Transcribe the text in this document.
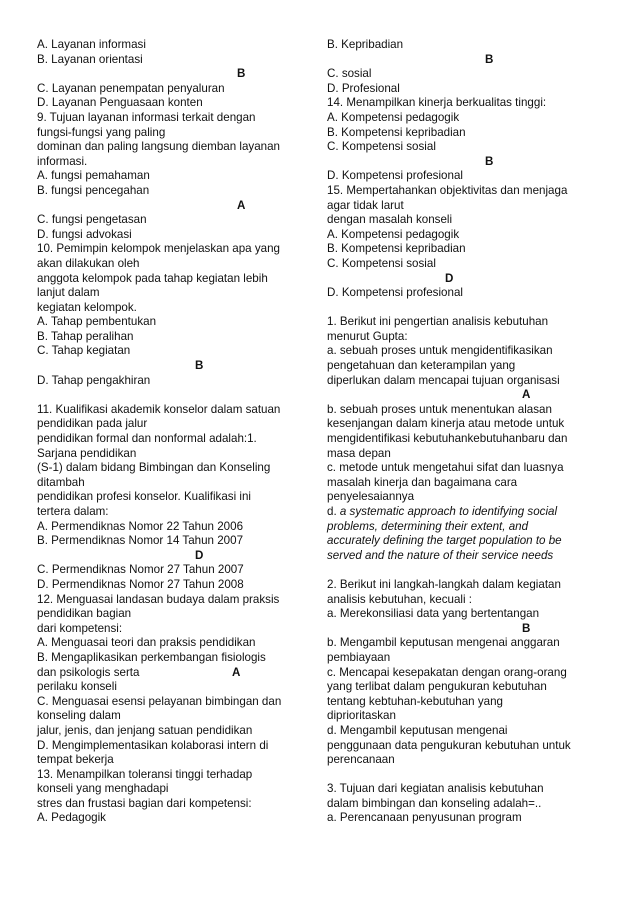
A. Layanan informasi
B. Layanan orientasi
B
C. Layanan penempatan penyaluran
D. Layanan Penguasaan konten
9. Tujuan layanan informasi terkait dengan
fungsi-fungsi yang paling
dominan dan paling langsung diemban layanan
informasi.
A. fungsi pemahaman
B. fungsi pencegahan
A
C. fungsi pengetasan
D. fungsi advokasi
10. Pemimpin kelompok menjelaskan apa yang
akan dilakukan oleh
anggota kelompok pada tahap kegiatan lebih
lanjut dalam
kegiatan kelompok.
A. Tahap pembentukan
B. Tahap peralihan
C. Tahap kegiatan
B
D. Tahap pengakhiran
11. Kualifikasi akademik konselor dalam satuan
pendidikan pada jalur
pendidikan formal dan nonformal adalah:1.
Sarjana pendidikan
(S-1) dalam bidang Bimbingan dan Konseling
ditambah
pendidikan profesi konselor. Kualifikasi ini
tertera dalam:
A. Permendiknas Nomor 22 Tahun 2006
B. Permendiknas Nomor 14 Tahun 2007
D
C. Permendiknas Nomor 27 Tahun 2007
D. Permendiknas Nomor 27 Tahun 2008
12. Menguasai landasan budaya dalam praksis
pendidikan bagian
dari kompetensi:
A. Menguasai teori dan praksis pendidikan
B. Mengaplikasikan perkembangan fisiologis
dan psikologis serta	A
perilaku konseli
C. Menguasai esensi pelayanan bimbingan dan
konseling dalam
jalur, jenis, dan jenjang satuan pendidikan
D. Mengimplementasikan kolaborasi intern di
tempat bekerja
13. Menampilkan toleransi tinggi terhadap
konseli yang menghadapi
stres dan frustasi bagian dari kompetensi:
A. Pedagogik
B. Kepribadian
B
C. sosial
D. Profesional
14. Menampilkan kinerja berkualitas tinggi:
A. Kompetensi pedagogik
B. Kompetensi kepribadian
C. Kompetensi sosial
B
D. Kompetensi profesional
15. Mempertahankan objektivitas dan menjaga
agar tidak larut
dengan masalah konseli
A. Kompetensi pedagogik
B. Kompetensi kepribadian
C. Kompetensi sosial
D
D. Kompetensi profesional
1. Berikut ini pengertian analisis kebutuhan
menurut Gupta:
a. sebuah proses untuk mengidentifikasikan
pengetahuan dan keterampilan yang
diperlukan dalam mencapai tujuan organisasi
A
b. sebuah proses untuk menentukan alasan
kesenjangan dalam kinerja atau metode untuk
mengidentifikasi kebutuhankebutuhanbaru dan
masa depan
c. metode untuk mengetahui sifat dan luasnya
masalah kinerja dan bagaimana cara
penyelesaiannya
d. a systematic approach to identifying social
problems, determining their extent, and
accurately defining the target population to be
served and the nature of their service needs
2. Berikut ini langkah-langkah dalam kegiatan
analisis kebutuhan, kecuali :
a. Merekonsiliasi data yang bertentangan
B
b. Mengambil keputusan mengenai anggaran
pembiayaan
c. Mencapai kesepakatan dengan orang-orang
yang terlibat dalam pengukuran kebutuhan
tentang kebtuhan-kebutuhan yang
diprioritaskan
d. Mengambil keputusan mengenai
penggunaan data pengukuran kebutuhan untuk
perencanaan
3. Tujuan dari kegiatan analisis kebutuhan
dalam bimbingan dan konseling adalah=..
a. Perencanaan penyusunan program
